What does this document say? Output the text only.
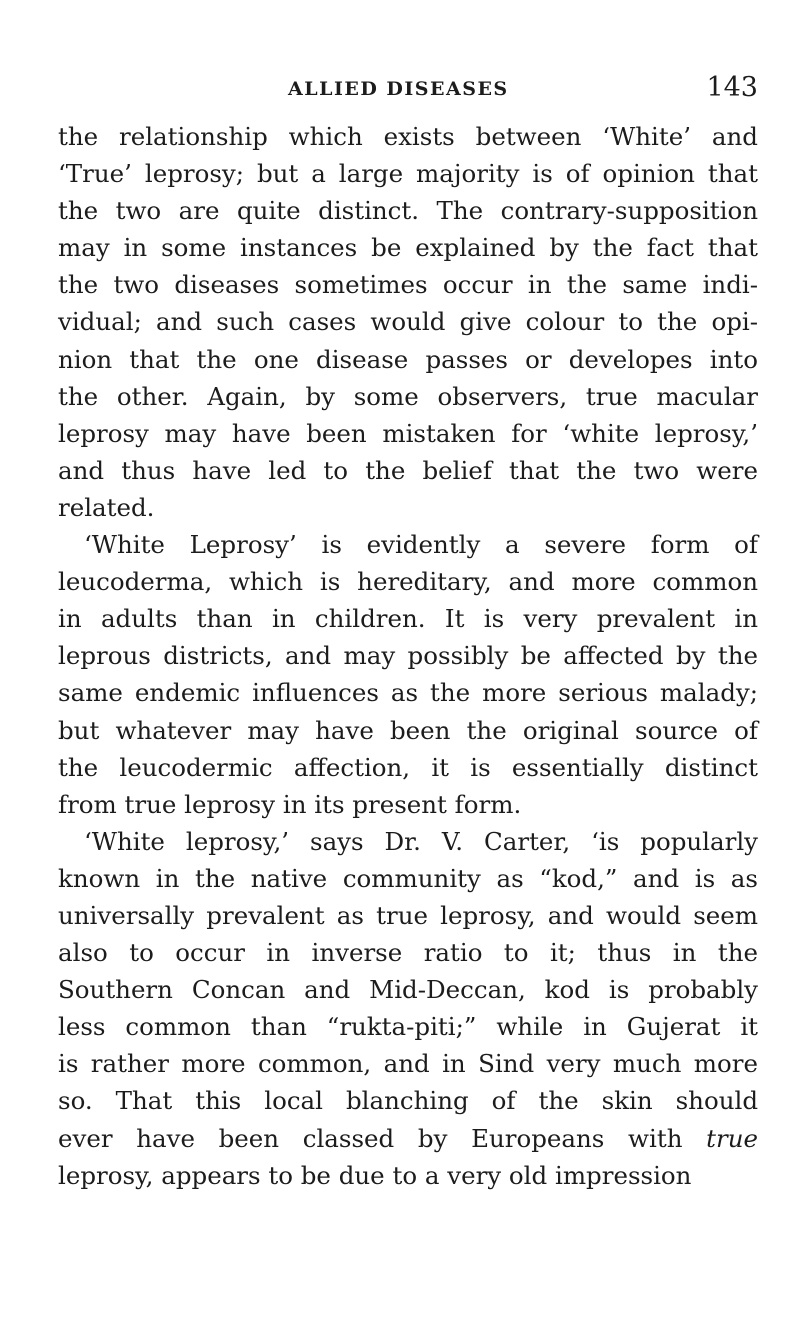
ALLIED DISEASES	143
the relationship which exists between ‘White’ and
‘True’ leprosy; but a large majority is of opinion that
the two are quite distinct. The contrary-supposition
may in some instances be explained by the fact that
the two diseases sometimes occur in the same indi-
vidual; and such cases would give colour to the opi-
nion that the one disease passes or developes into
the other. Again, by some observers, true macular
leprosy may have been mistaken for ‘white leprosy,’
and thus have led to the belief that the two were
related.
‘White Leprosy’ is evidently a severe form of
leucoderma, which is hereditary, and more common
in adults than in children. It is very prevalent in
leprous districts, and may possibly be affected by the
same endemic influences as the more serious malady;
but whatever may have been the original source of
the leucodermic affection, it is essentially distinct
from true leprosy in its present form.
‘White leprosy,’ says Dr. V. Carter, ‘is popularly
known in the native community as “kod,” and is as
universally prevalent as true leprosy, and would seem
also to occur in inverse ratio to it; thus in the
Southern Concan and Mid-Deccan, kod is probably
less common than “rukta-piti;” while in Gujerat it
is rather more common, and in Sind very much more
so. That this local blanching of the skin should
ever have been classed by Europeans with true
leprosy, appears to be due to a very old impression
